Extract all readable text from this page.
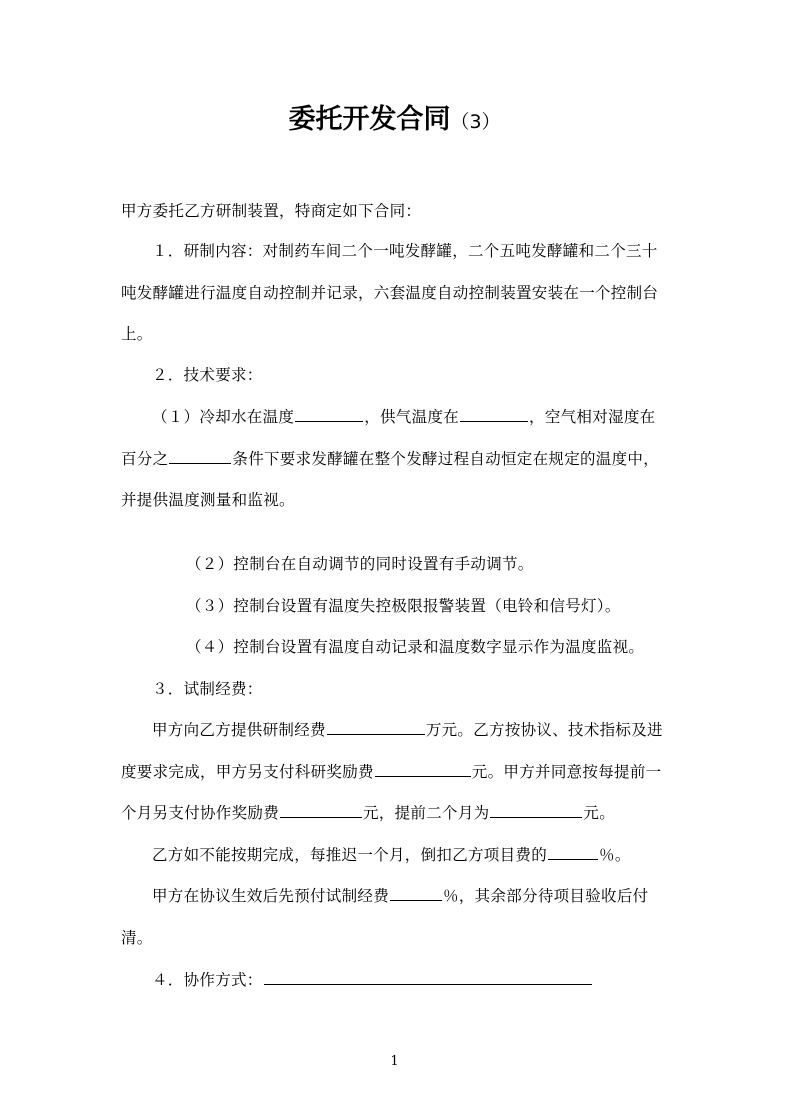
委托开发合同（3）
甲方委托乙方研制装置，特商定如下合同：
１．研制内容：对制药车间二个一吨发酵罐，二个五吨发酵罐和二个三十
吨发酵罐进行温度自动控制并记录，六套温度自动控制装置安装在一个控制台
上。
２．技术要求：
（１）冷却水在温度	，供气温度在	，空气相对湿度在
百分之	条件下要求发酵罐在整个发酵过程自动恒定在规定的温度中，
并提供温度测量和监视。
（２）控制台在自动调节的同时设置有手动调节。
（３）控制台设置有温度失控极限报警装置（电铃和信号灯）。
（４）控制台设置有温度自动记录和温度数字显示作为温度监视。
３．试制经费：
甲方向乙方提供研制经费	万元。乙方按协议、技术指标及进
度要求完成，甲方另支付科研奖励费	元。甲方并同意按每提前一
个月另支付协作奖励费	元，提前二个月为	元。
乙方如不能按期完成，每推迟一个月，倒扣乙方项目费的	％。
甲方在协议生效后先预付试制经费	％，其余部分待项目验收后付
清。
４．协作方式：
1
